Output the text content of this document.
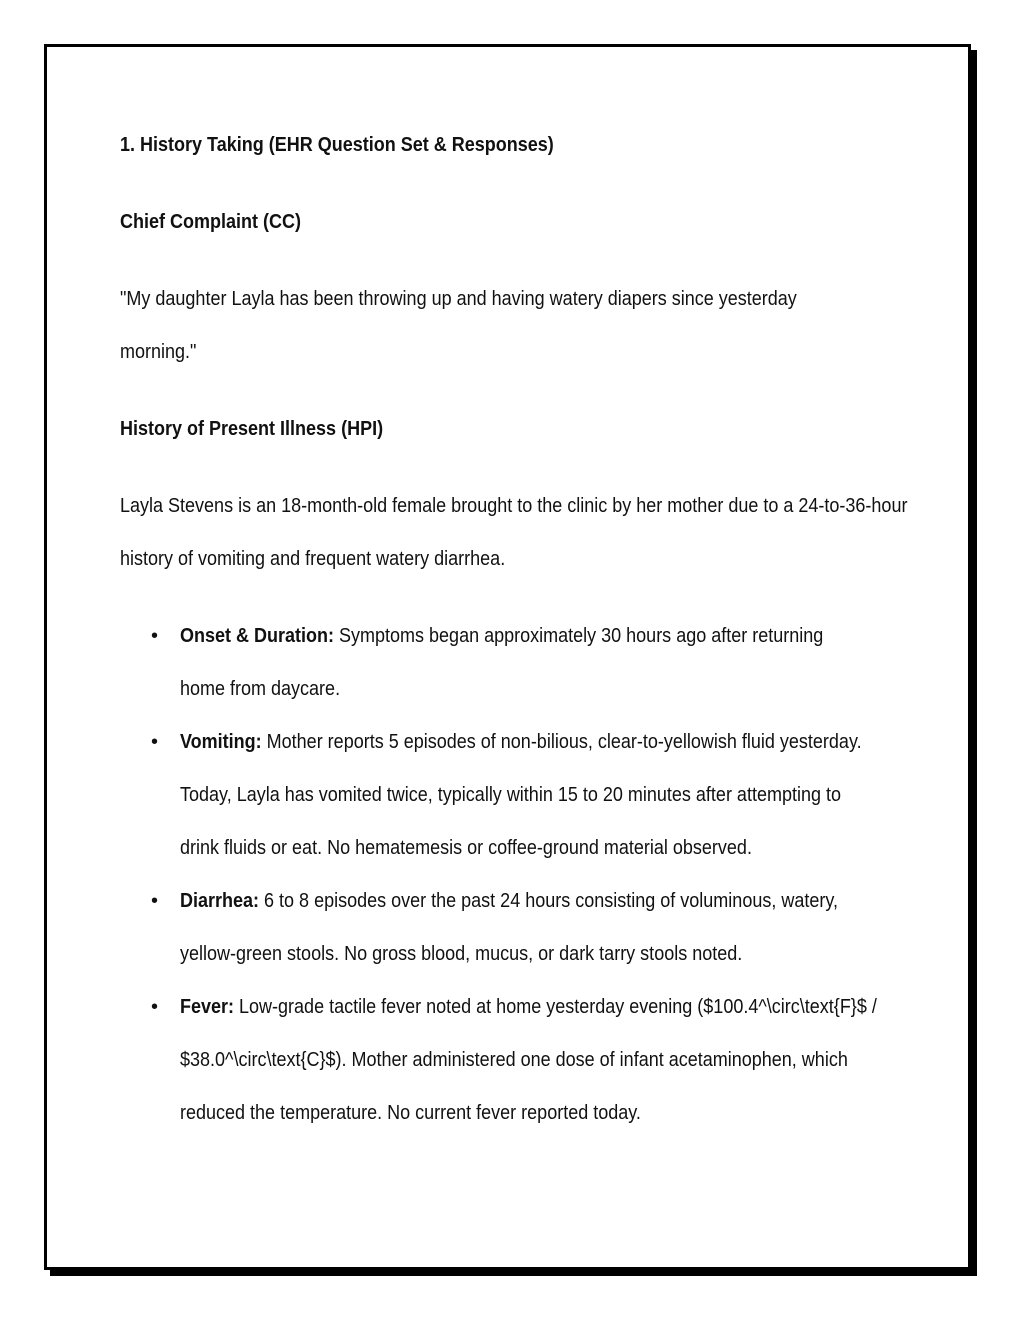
1. History Taking (EHR Question Set & Responses)

Chief Complaint (CC)

"My daughter Layla has been throwing up and having watery diapers since yesterday morning."

History of Present Illness (HPI)

Layla Stevens is an 18-month-old female brought to the clinic by her mother due to a 24-to-36-hour history of vomiting and frequent watery diarrhea.

• Onset & Duration: Symptoms began approximately 30 hours ago after returning home from daycare.
• Vomiting: Mother reports 5 episodes of non-bilious, clear-to-yellowish fluid yesterday. Today, Layla has vomited twice, typically within 15 to 20 minutes after attempting to drink fluids or eat. No hematemesis or coffee-ground material observed.
• Diarrhea: 6 to 8 episodes over the past 24 hours consisting of voluminous, watery, yellow-green stools. No gross blood, mucus, or dark tarry stools noted.
• Fever: Low-grade tactile fever noted at home yesterday evening ($100.4^\circ\text{F}$ / $38.0^\circ\text{C}$). Mother administered one dose of infant acetaminophen, which reduced the temperature. No current fever reported today.
